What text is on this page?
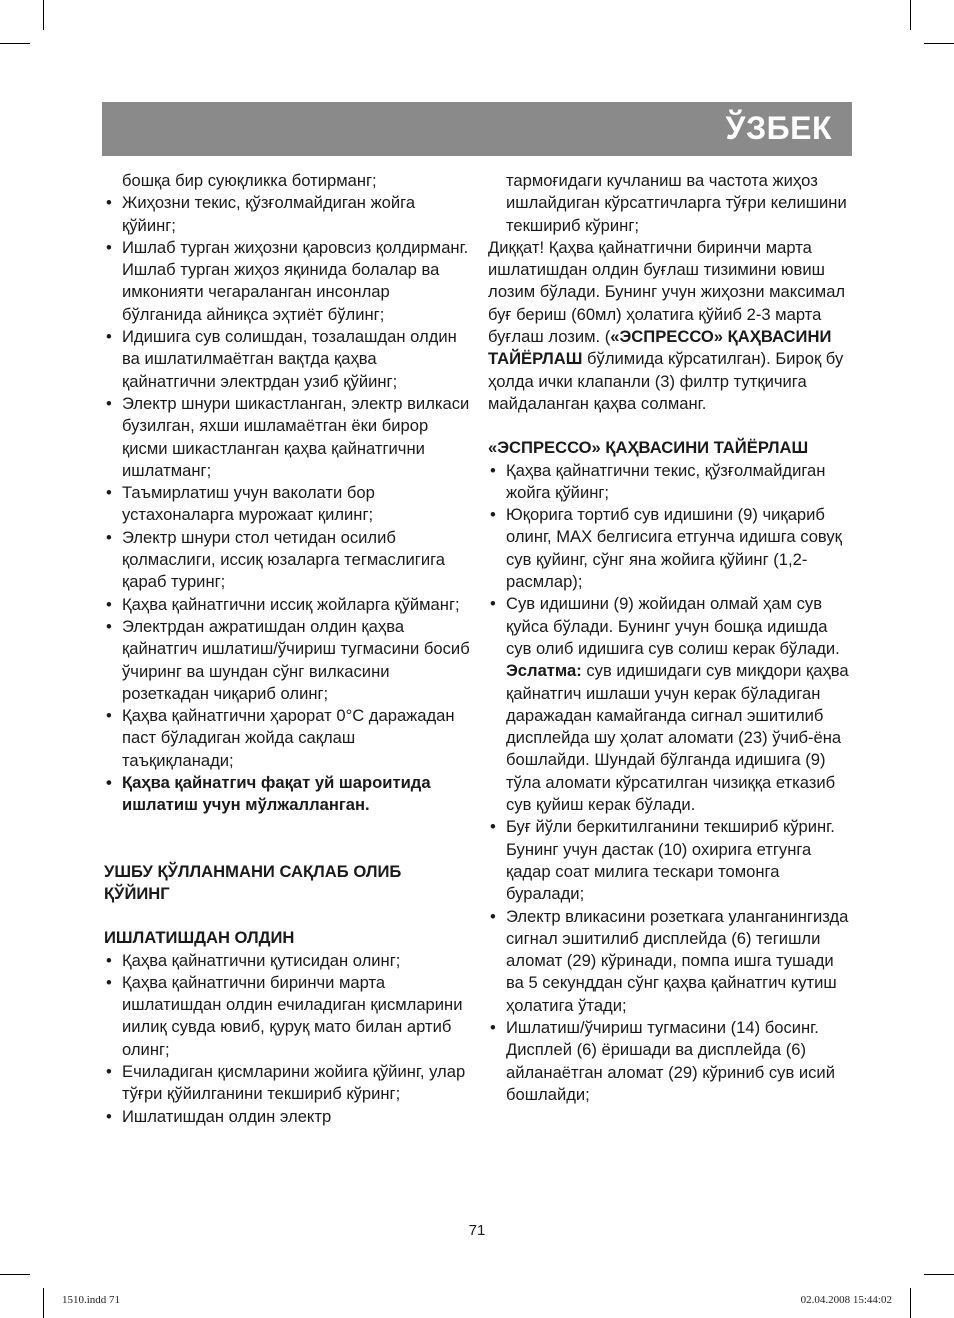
ЎЗБЕК

бошқа бир суюқликка ботирманг;

• Жиҳозни текис, қўзғолмайдиган жойга қўйинг;
• Ишлаб турган жиҳозни қаровсиз қолдирманг. Ишлаб турган жиҳоз яқинида болалар ва имконияти чегараланган инсонлар бўлганида айниқса эҳтиёт бўлинг;
• Идишига сув солишдан, тозалашдан олдин ва ишлатилмаётган вақтда қаҳва қайнатгични электрдан узиб қўйинг;
• Электр шнури шикастланган, электр вилкаси бузилган, яхши ишламаётган ёки бирор қисми шикастланган қаҳва қайнатгични ишлатманг;
• Таъмирлатиш учун ваколати бор устахоналарга мурожаат қилинг;
• Электр шнури стол четидан осилиб қолмаслиги, иссиқ юзаларга тегмаслигига қараб туринг;
• Қаҳва қайнатгични иссиқ жойларга қўйманг;
• Электрдан ажратишдан олдин қаҳва қайнатгич ишлатиш/ўчириш тугмасини босиб ўчиринг ва шундан сўнг вилкасини розеткадан чиқариб олинг;
• Қаҳва қайнатгични ҳарорат 0°С даражадан паст бўладиган жойда сақлаш таъқиқланади;
• Қаҳва қайнатгич фақат уй шароитида ишлатиш учун мўлжалланган.

УШБУ ҚЎЛЛАНМАНИ САҚЛАБ ОЛИБ ҚЎЙИНГ

ИШЛАТИШДАН ОЛДИН

• Қаҳва қайнатгични қутисидан олинг;
• Қаҳва қайнатгични биринчи марта ишлатишдан олдин ечиладиган қисмларини иилиқ сувда ювиб, қуруқ мато билан артиб олинг;
• Ечиладиган қисмларини жойига қўйинг, улар тўғри қўйилганини текшириб кўринг;
• Ишлатишдан олдин электр

тармоғидаги кучланиш ва частота жиҳоз ишлайдиган кўрсатгичларга тўғри келишини текшириб кўринг;

Диққат! Қаҳва қайнатгични биринчи марта ишлатишдан олдин буғлаш тизимини ювиш лозим бўлади. Бунинг учун жиҳозни максимал буғ бериш (60мл) ҳолатига қўйиб 2-3 марта буғлаш лозим. («ЭСПРЕССО» ҚАҲВАСИНИ ТАЙЁРЛАШ бўлимида кўрсатилган). Бироқ бу ҳолда ички клапанли (3) филтр тутқичига майдаланган қаҳва солманг.

«ЭСПРЕССО» ҚАҲВАСИНИ ТАЙЁРЛАШ

• Қаҳва қайнатгични текис, қўзғолмайдиган жойга қўйинг;
• Юқорига тортиб сув идишини (9) чиқариб олинг, MAX белгисига етгунча идишга совуқ сув қуйинг, сўнг яна жойига қўйинг (1,2-расмлар);
• Сув идишини (9) жойидан олмай ҳам сув қуйса бўлади. Бунинг учун бошқа идишда сув олиб идишига сув солиш керак бўлади.

Эслатма: сув идишидаги сув миқдори қаҳва қайнатгич ишлаши учун керак бўладиган даражадан камайганда сигнал эшитилиб дисплейда шу ҳолат аломати (23) ўчиб-ёна бошлайди. Шундай бўлганда идишига (9) тўла аломати кўрсатилган чизиққа етказиб сув қуйиш керак бўлади.

• Буғ йўли беркитилганини текшириб кўринг. Бунинг учун дастак (10) охирига етгунга қадар соат милига тескари томонга буралади;
• Электр вликасини розеткага уланганингизда сигнал эшитилиб дисплейда (6) тегишли аломат (29) кўринади, помпа ишга тушади ва 5 секунддан сўнг қаҳва қайнатгич кутиш ҳолатига ўтади;
• Ишлатиш/ўчириш тугмасини (14) босинг. Дисплей (6) ёришади ва дисплейда (6) айланаётган аломат (29) кўриниб сув исий бошлайди;
71
1510.indd 71	02.04.2008 15:44:02
